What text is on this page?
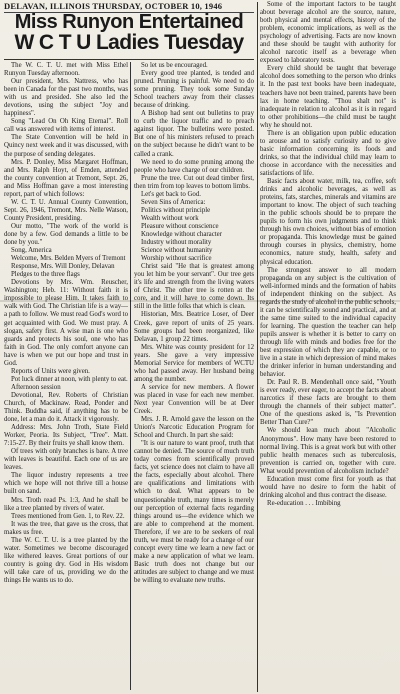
DELAVAN, ILLINOIS THURSDAY, OCTOBER 10, 1946
Miss Runyon Entertained
W C T U Ladies Tuesday

The W. C. T. U. met with Miss Ethel Runyon Tuesday afternoon.

Our president, Mrs. Nattress, who has been in Canada for the past two months, was with us and presided. She also led the devotions, using the subject "Joy and happiness".

Song "Lead On Oh King Eternal". Roll call was answered with items of interest.

The State Convention will be held in Quincy next week and it was discussed, with the purpose of sending delegates.

Mrs. P. Donley, Miss Margaret Hoffman, and Mrs. Ralph Hoyt, of Emden, attended the county convention at Tremont, Sept. 26, and Miss Hoffman gave a most interesting report, part of which follows:

W. C. T. U. Annual County Convention, Sept. 26, 1946, Tremont, Mrs. Nelle Watson, County President, presiding.

Our motto, "The work of the world is done by a few. God demands a little to be done by you."

Song, America

Welcome, Mrs. Belden Myers of Tremont

Response, Mrs. Will Donley, Delavan

Pledges to the three flags

Devotions by Mrs. Wm. Reuscher, Washington; Heb. 11: Without faith it is impossible to please Him. It takes faith to walk with God. The Christian life is a way—a path to follow. We must read God's word to get acquainted with God. We must pray. A slogan, safety first. A wise man is one who guards and protects his soul, one who has faith in God. The only comfort anyone can have is when we put our hope and trust in God.

Reports of Units were given.

Pot luck dinner at noon, with plenty to eat.

Afternoon session

Devotional, Rev. Roberts of Christian Church, of Mackinaw. Read, Ponder and Think. Buddha said, if anything has to be done, let a man do it. Attack it vigorously.

Address: Mrs. John Troth, State Field Worker, Peoria. Its Subject, "Tree". Matt. 7:15-27. By their fruits ye shall know them.

Of trees with only branches is bare. A tree with leaves is beautiful. Each one of us are leaves.

The liquor industry represents a tree which we hope will not thrive till a house built on sand.

Mrs. Troth read Ps. 1:3, And he shall be like a tree planted by rivers of water.

Trees mentioned from Gen. 1, to Rev. 22.

It was the tree, that gave us the cross, that makes us free.

The W. C. T. U. is a tree planted by the water. Sometimes we become discouraged like withered leaves. Great portions of our country is going dry. God in His wisdom will take care of us, providing we do the things He wants us to do.

So let us be encouraged.

Every good tree planted, is tended and pruned. Pruning is painful. We need to do some pruning. They took some Sunday School teachers away from their classes because of drinking.

A Bishop had sent out bulletins to pray to curb the liquor traffic and to preach against liquor. The bulletins were posted. But one of his ministers refused to preach on the subject because he didn't want to be called a crank.

We need to do some pruning among the people who have charge of our children.

Prune the tree. Cut out dead timber first, then trim from top leaves to bottom limbs.

Let's get back to God.

Seven Sins of America:

Politics without principle

Wealth without work

Pleasure without conscience

Knowledge without character

Industry without morality

Science without humanity

Worship without sacrifice

Christ said "He that is greatest among you let him be your servant". Our tree gets it's life and strength from the living waters of Christ. The other tree is rotten at the core, and it will have to come down. Its still in the little folks that which is clean.

Historian, Mrs. Beatrice Loser, of Deer Creek, gave report of units of 25 years. Some groups had been reorganized, like Delavan, 1 group 22 times.

Mrs. White was county president for 12 years. She gave a very impressive Memorial Service for members of WCTU who had passed away. Her husband being among the number.

A service for new members. A flower was placed in vase for each new member. Next year Convention will be at Deer Creek.

Mrs. J. R. Arnold gave the lesson on the Union's Narcotic Education Program for School and Church. In part she said:

"It is our nature to want proof, truth that cannot be denied. The source of much truth today comes from scientifically proved facts, yet science does not claim to have all the facts, especially about alcohol. There are qualifications and limitations with which to deal. What appears to be unquestionable truth, many times is merely our perception of external facts regarding things around us—the evidence which we are able to comprehend at the moment. Therefore, if we are to be seekers of real truth, we must be ready for a change of our concept every time we learn a new fact or make a new application of what we learn. Basic truth does not change but our attitudes are subject to change and we must be willing to evaluate new truths.

Some of the important factors to be taught about beverage alcohol are the source, nature, both physical and mental effects, history of the problem, economic implications, as well as the psychology of advertising. Facts are now known and these should be taught with authority for alcohol narcotic itself as a beverage when exposed to laboratory tests.

Every child should be taught that beverage alcohol does something to the person who drinks it. In the past text books have been inadequate, teachers have not been trained, parents have been lax in home teaching. "Thou shalt not" is inadequate in relation to alcohol as it is in regard to other prohibitions—the child must be taught why he should not.

There is an obligation upon public education to arouse and to satisfy curiosity and to give basic information concerning its foods and drinks, so that the individual child may learn to choose in accordance with the necessities and satisfactions of life.

Basic facts about water, milk, tea, coffee, soft drinks and alcoholic beverages, as well as proteins, fats, starches, minerals and vitamins are important to know. The object of such teaching in the public schools should be to prepare the pupils to form his own judgments and to think through his own choices, without bias of emotion or propaganda. This knowledge must be gained through courses in physics, chemistry, home economics, nature study, health, safety and physical education.

The strongest answer to all modern propaganda on any subject is the cultivation of well-informed minds and the formation of habits of independent thinking on the subject. As regards the study of alcohol in the public schools, it can be scientifically sound and practical, and at the same time suited to the individual capacity for learning. The question the teacher can help pupils answer is whether it is better to carry on through life with minds and bodies free for the best expression of which they are capable, or to live in a state in which depression of mind makes the drinker inferior in human understanding and behavior.

Dr. Paul R. B. Mendenhall once said, "Youth is ever ready, ever eager, to accept the facts about narcotics if these facts are brought to them through the channels of their subject matter". One of the questions asked is, "Is Prevention Better Than Cure?"

We should lean much about "Alcoholic Anonymous". How many have been restored to normal living. This is a great work but with other public health menaces such as tuberculosis, prevention is carried on, together with cure. What would prevention of alcoholism include?

Education must come first for youth as that would have no desire to form the habit of drinking alcohol and thus contract the disease.

Re-education . . . Imbibing
